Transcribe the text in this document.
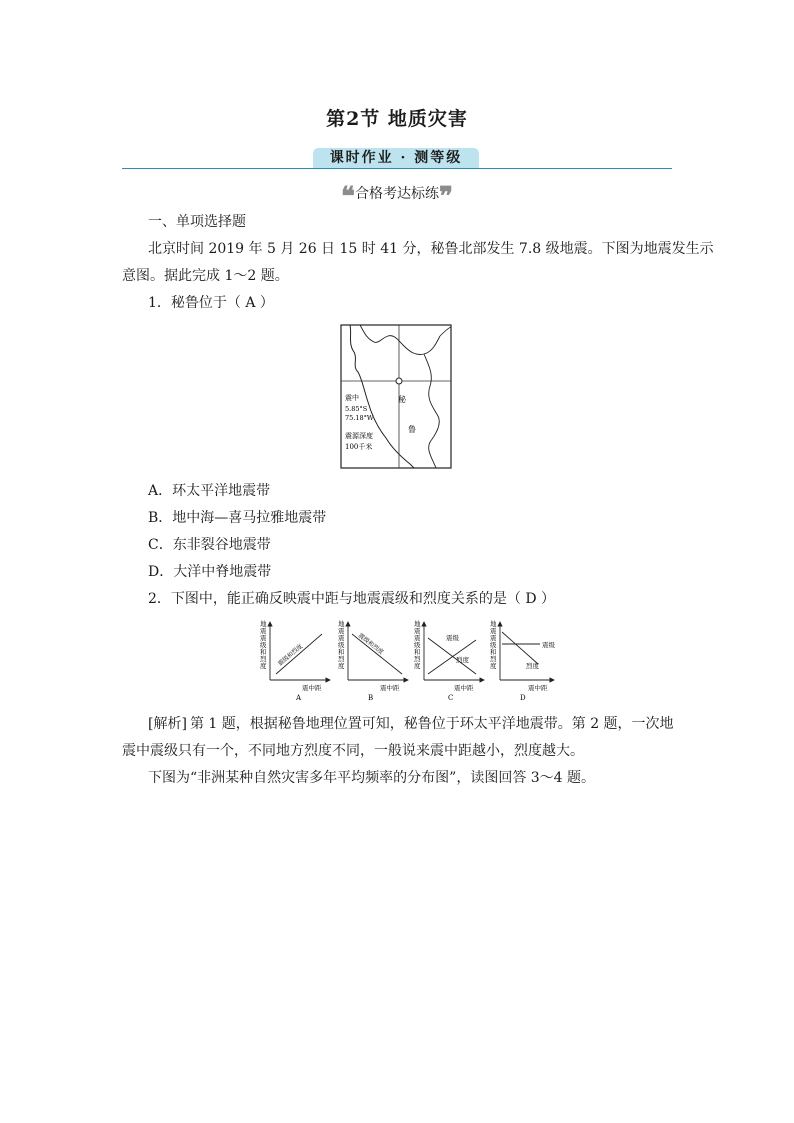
第2节 地质灾害
课时作业 · 测等级
❝合格考达标练❞
一、单项选择题
北京时间 2019 年 5 月 26 日 15 时 41 分，秘鲁北部发生 7.8 级地震。下图为地震发生示
意图。据此完成 1～2 题。
1．秘鲁位于（ A ）
震中
5.85°S
75.18°W
震源深度
100千米
秘
鲁
A．环太平洋地震带
B．地中海—喜马拉雅地震带
C．东非裂谷地震带
D．大洋中脊地震带
2．下图中，能正确反映震中距与地震震级和烈度关系的是（ D ）
地震震级和烈度 震级和烈度
震中距
A
地震震级和烈度
震级和烈度
震中距
B
地震震级和烈度
震级
烈度
震中距
C
地震震级和烈度
震级
烈度
震中距
D
[解析] 第 1 题，根据秘鲁地理位置可知，秘鲁位于环太平洋地震带。第 2 题，一次地
震中震级只有一个，不同地方烈度不同，一般说来震中距越小，烈度越大。
下图为“非洲某种自然灾害多年平均频率的分布图”，读图回答 3～4 题。
